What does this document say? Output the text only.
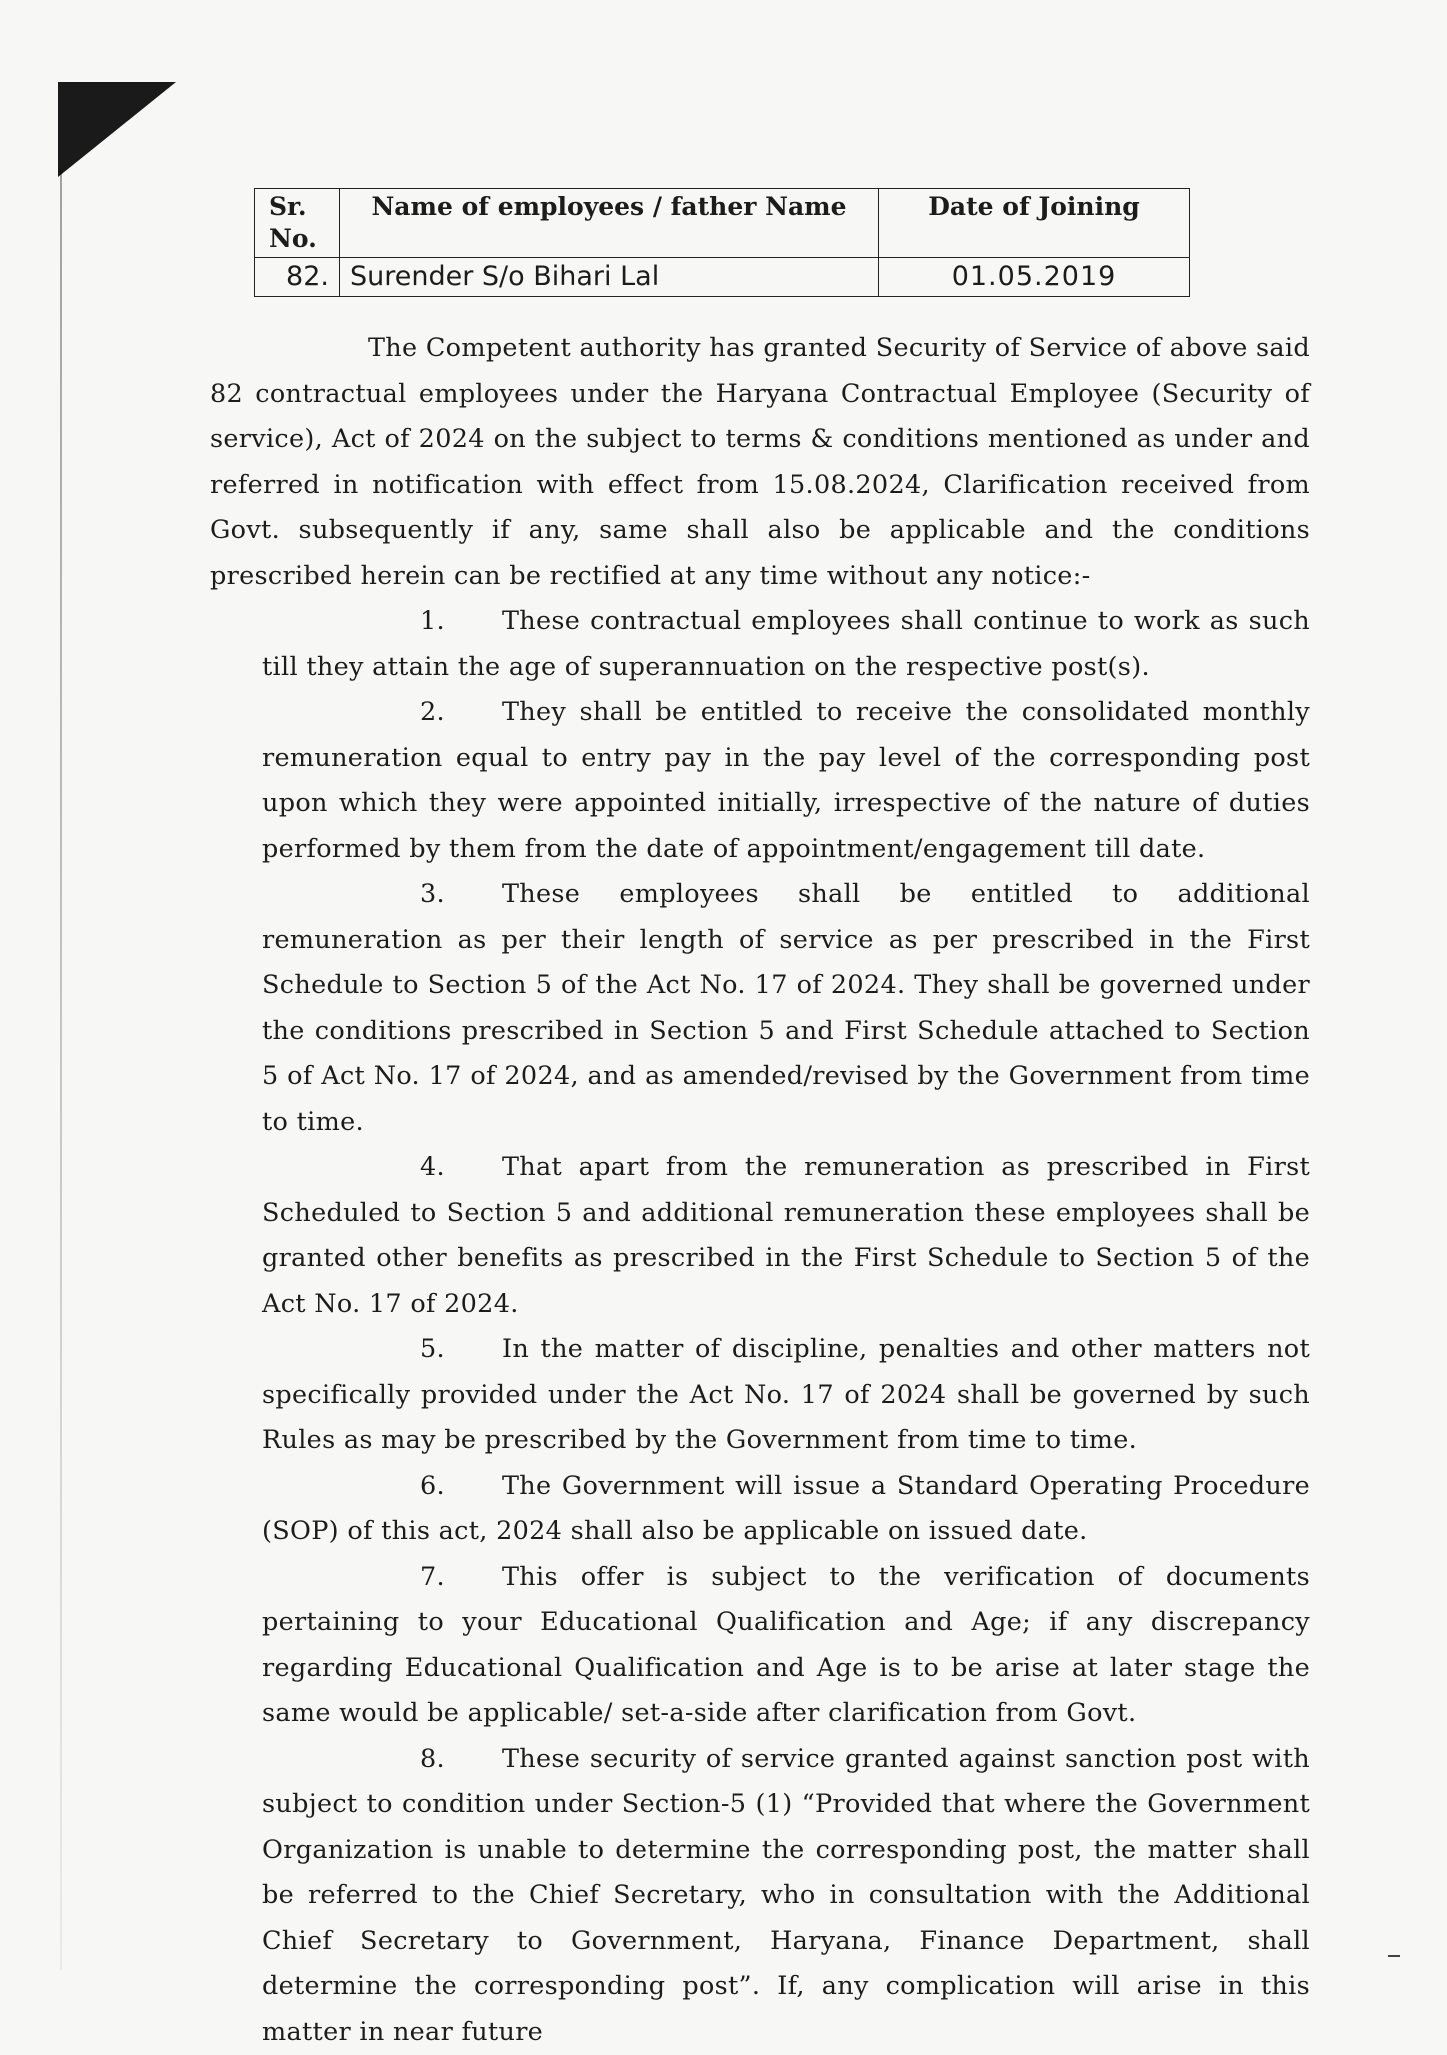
Sr. No.	Name of employees / father Name	Date of Joining
82.	Surender S/o Bihari Lal	01.05.2019

The Competent authority has granted Security of Service of above said 82 contractual employees under the Haryana Contractual Employee (Security of service), Act of 2024 on the subject to terms & conditions mentioned as under and referred in notification with effect from 15.08.2024, Clarification received from Govt. subsequently if any, same shall also be applicable and the conditions prescribed herein can be rectified at any time without any notice:-

1. These contractual employees shall continue to work as such till they attain the age of superannuation on the respective post(s).

2. They shall be entitled to receive the consolidated monthly remuneration equal to entry pay in the pay level of the corresponding post upon which they were appointed initially, irrespective of the nature of duties performed by them from the date of appointment/engagement till date.

3. These employees shall be entitled to additional remuneration as per their length of service as per prescribed in the First Schedule to Section 5 of the Act No. 17 of 2024. They shall be governed under the conditions prescribed in Section 5 and First Schedule attached to Section 5 of Act No. 17 of 2024, and as amended/revised by the Government from time to time.

4. That apart from the remuneration as prescribed in First Scheduled to Section 5 and additional remuneration these employees shall be granted other benefits as prescribed in the First Schedule to Section 5 of the Act No. 17 of 2024.

5. In the matter of discipline, penalties and other matters not specifically provided under the Act No. 17 of 2024 shall be governed by such Rules as may be prescribed by the Government from time to time.

6. The Government will issue a Standard Operating Procedure (SOP) of this act, 2024 shall also be applicable on issued date.

7. This offer is subject to the verification of documents pertaining to your Educational Qualification and Age; if any discrepancy regarding Educational Qualification and Age is to be arise at later stage the same would be applicable/ set-a-side after clarification from Govt.

8. These security of service granted against sanction post with subject to condition under Section-5 (1) “Provided that where the Government Organization is unable to determine the corresponding post, the matter shall be referred to the Chief Secretary, who in consultation with the Additional Chief Secretary to Government, Haryana, Finance Department, shall determine the corresponding post”. If, any complication will arise in this matter in near future
